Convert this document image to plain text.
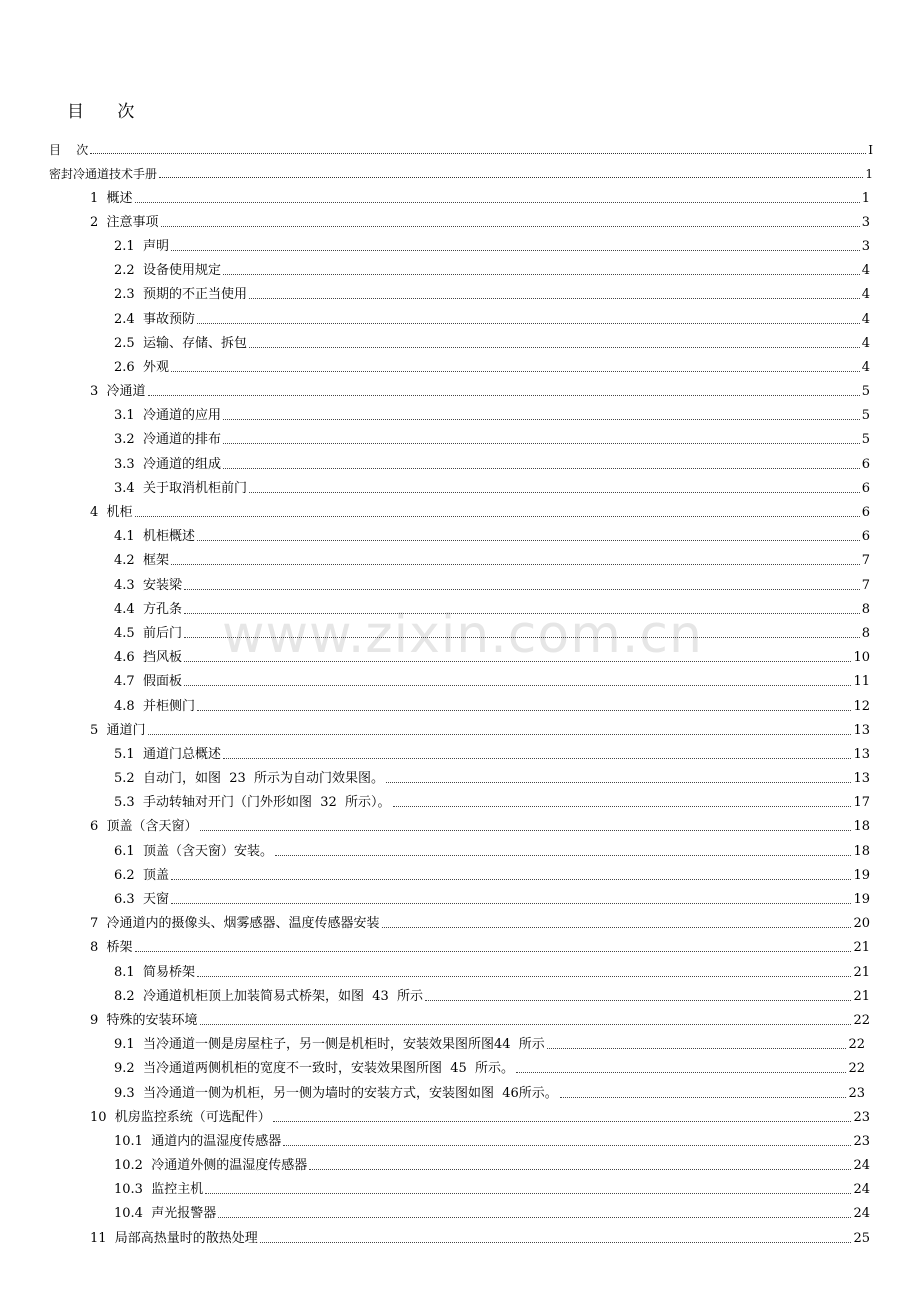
www.zixin.com.cn
目 次
目    次	I
密封冷通道技术手册	1
1  概述	1
2  注意事项	3
2.1  声明	3
2.2  设备使用规定	4
2.3  预期的不正当使用	4
2.4  事故预防	4
2.5  运输、存储、拆包	4
2.6  外观	4
3  冷通道	5
3.1  冷通道的应用	5
3.2  冷通道的排布	5
3.3  冷通道的组成	6
3.4  关于取消机柜前门	6
4  机柜	6
4.1  机柜概述	6
4.2  框架	7
4.3  安装梁	7
4.4  方孔条	8
4.5  前后门	8
4.6  挡风板	10
4.7  假面板	11
4.8  并柜侧门	12
5  通道门	13
5.1  通道门总概述	13
5.2  自动门，如图  23  所示为自动门效果图。	13
5.3  手动转轴对开门（门外形如图  32  所示）。	17
6  顶盖（含天窗）	18
6.1  顶盖（含天窗）安装。	18
6.2  顶盖	19
6.3  天窗	19
7  冷通道内的摄像头、烟雾感器、温度传感器安装	20
8  桥架	21
8.1  简易桥架	21
8.2  冷通道机柜顶上加装简易式桥架，如图  43  所示	21
9  特殊的安装环境	22
9.1  当冷通道一侧是房屋柱子，另一侧是机柜时，安装效果图所图44  所示	22
9.2  当冷通道两侧机柜的宽度不一致时，安装效果图所图  45  所示。	22
9.3  当冷通道一侧为机柜，另一侧为墙时的安装方式，安装图如图  46所示。	23
10  机房监控系统（可选配件）	23
10.1  通道内的温湿度传感器	23
10.2  冷通道外侧的温湿度传感器	24
10.3  监控主机	24
10.4  声光报警器	24
11  局部高热量时的散热处理	25
